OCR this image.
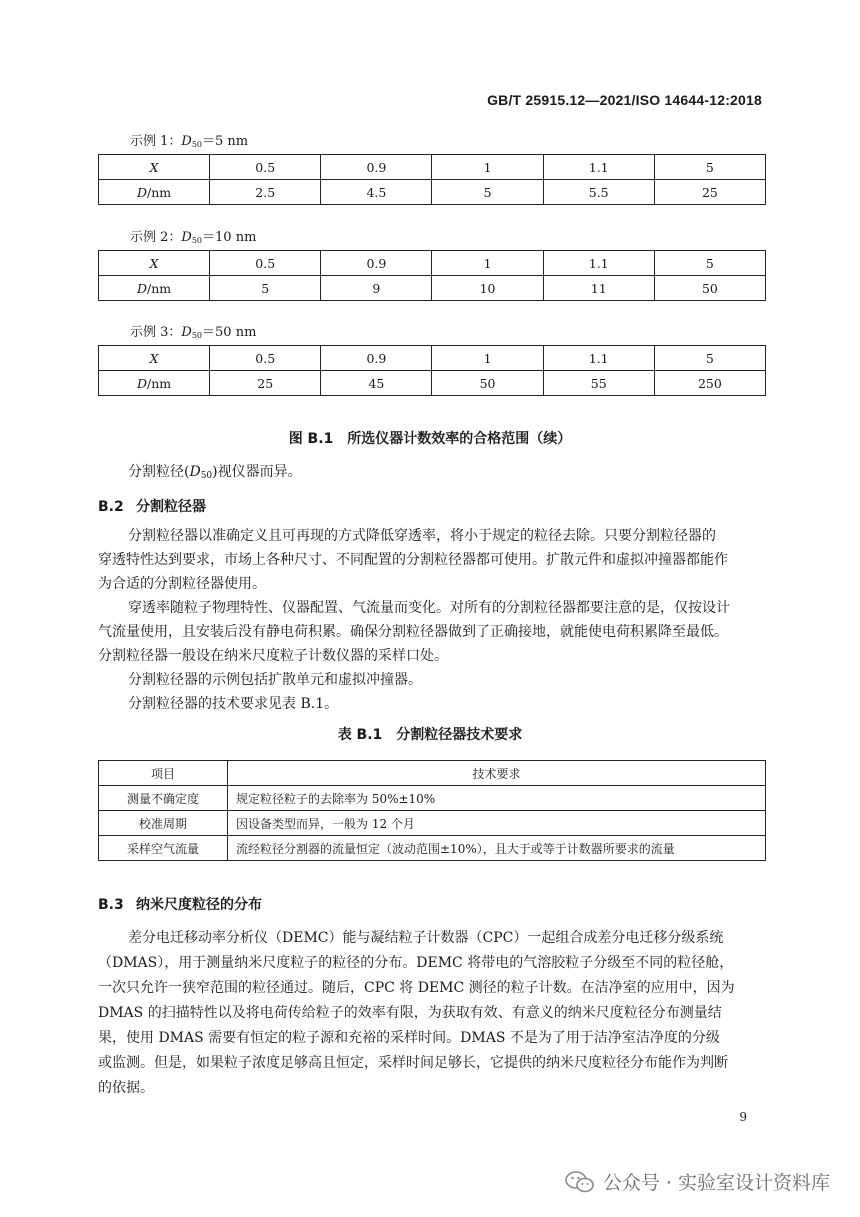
GB/T 25915.12—2021/ISO 14644-12:2018
示例 1：$D_{50}=5$ nm
X	0.5	0.9	1	1.1	5
D/nm	2.5	4.5	5	5.5	25
示例 2：$D_{50}=10$ nm
X	0.5	0.9	1	1.1	5
D/nm	5	9	10	11	50
示例 3：$D_{50}=50$ nm
X	0.5	0.9	1	1.1	5
D/nm	25	45	50	55	250
图 B.1　所选仪器计数效率的合格范围（续）
分割粒径(D50)视仪器而异。
B.2 分割粒径器
分割粒径器以准确定义且可再现的方式降低穿透率，将小于规定的粒径去除。只要分割粒径器的
穿透特性达到要求，市场上各种尺寸、不同配置的分割粒径器都可使用。扩散元件和虚拟冲撞器都能作
为合适的分割粒径器使用。
穿透率随粒子物理特性、仪器配置、气流量而变化。对所有的分割粒径器都要注意的是，仅按设计
气流量使用，且安装后没有静电荷积累。确保分割粒径器做到了正确接地，就能使电荷积累降至最低。
分割粒径器一般设在纳米尺度粒子计数仪器的采样口处。
分割粒径器的示例包括扩散单元和虚拟冲撞器。
分割粒径器的技术要求见表 B.1。
表 B.1　分割粒径器技术要求
项目	技术要求
测量不确定度	规定粒径粒子的去除率为 50%±10%
校准周期	因设备类型而异，一般为 12 个月
采样空气流量	流经粒径分割器的流量恒定（波动范围±10%），且大于或等于计数器所要求的流量
B.3 纳米尺度粒径的分布
差分电迁移动率分析仪（DEMC）能与凝结粒子计数器（CPC）一起组合成差分电迁移分级系统
（DMAS），用于测量纳米尺度粒子的粒径的分布。DEMC 将带电的气溶胶粒子分级至不同的粒径舱，
一次只允许一狭窄范围的粒径通过。随后，CPC 将 DEMC 测径的粒子计数。在洁净室的应用中，因为
DMAS 的扫描特性以及将电荷传给粒子的效率有限，为获取有效、有意义的纳米尺度粒径分布测量结
果，使用 DMAS 需要有恒定的粒子源和充裕的采样时间。DMAS 不是为了用于洁净室洁净度的分级
或监测。但是，如果粒子浓度足够高且恒定，采样时间足够长，它提供的纳米尺度粒径分布能作为判断
的依据。
9
公众号 · 实验室设计资料库
